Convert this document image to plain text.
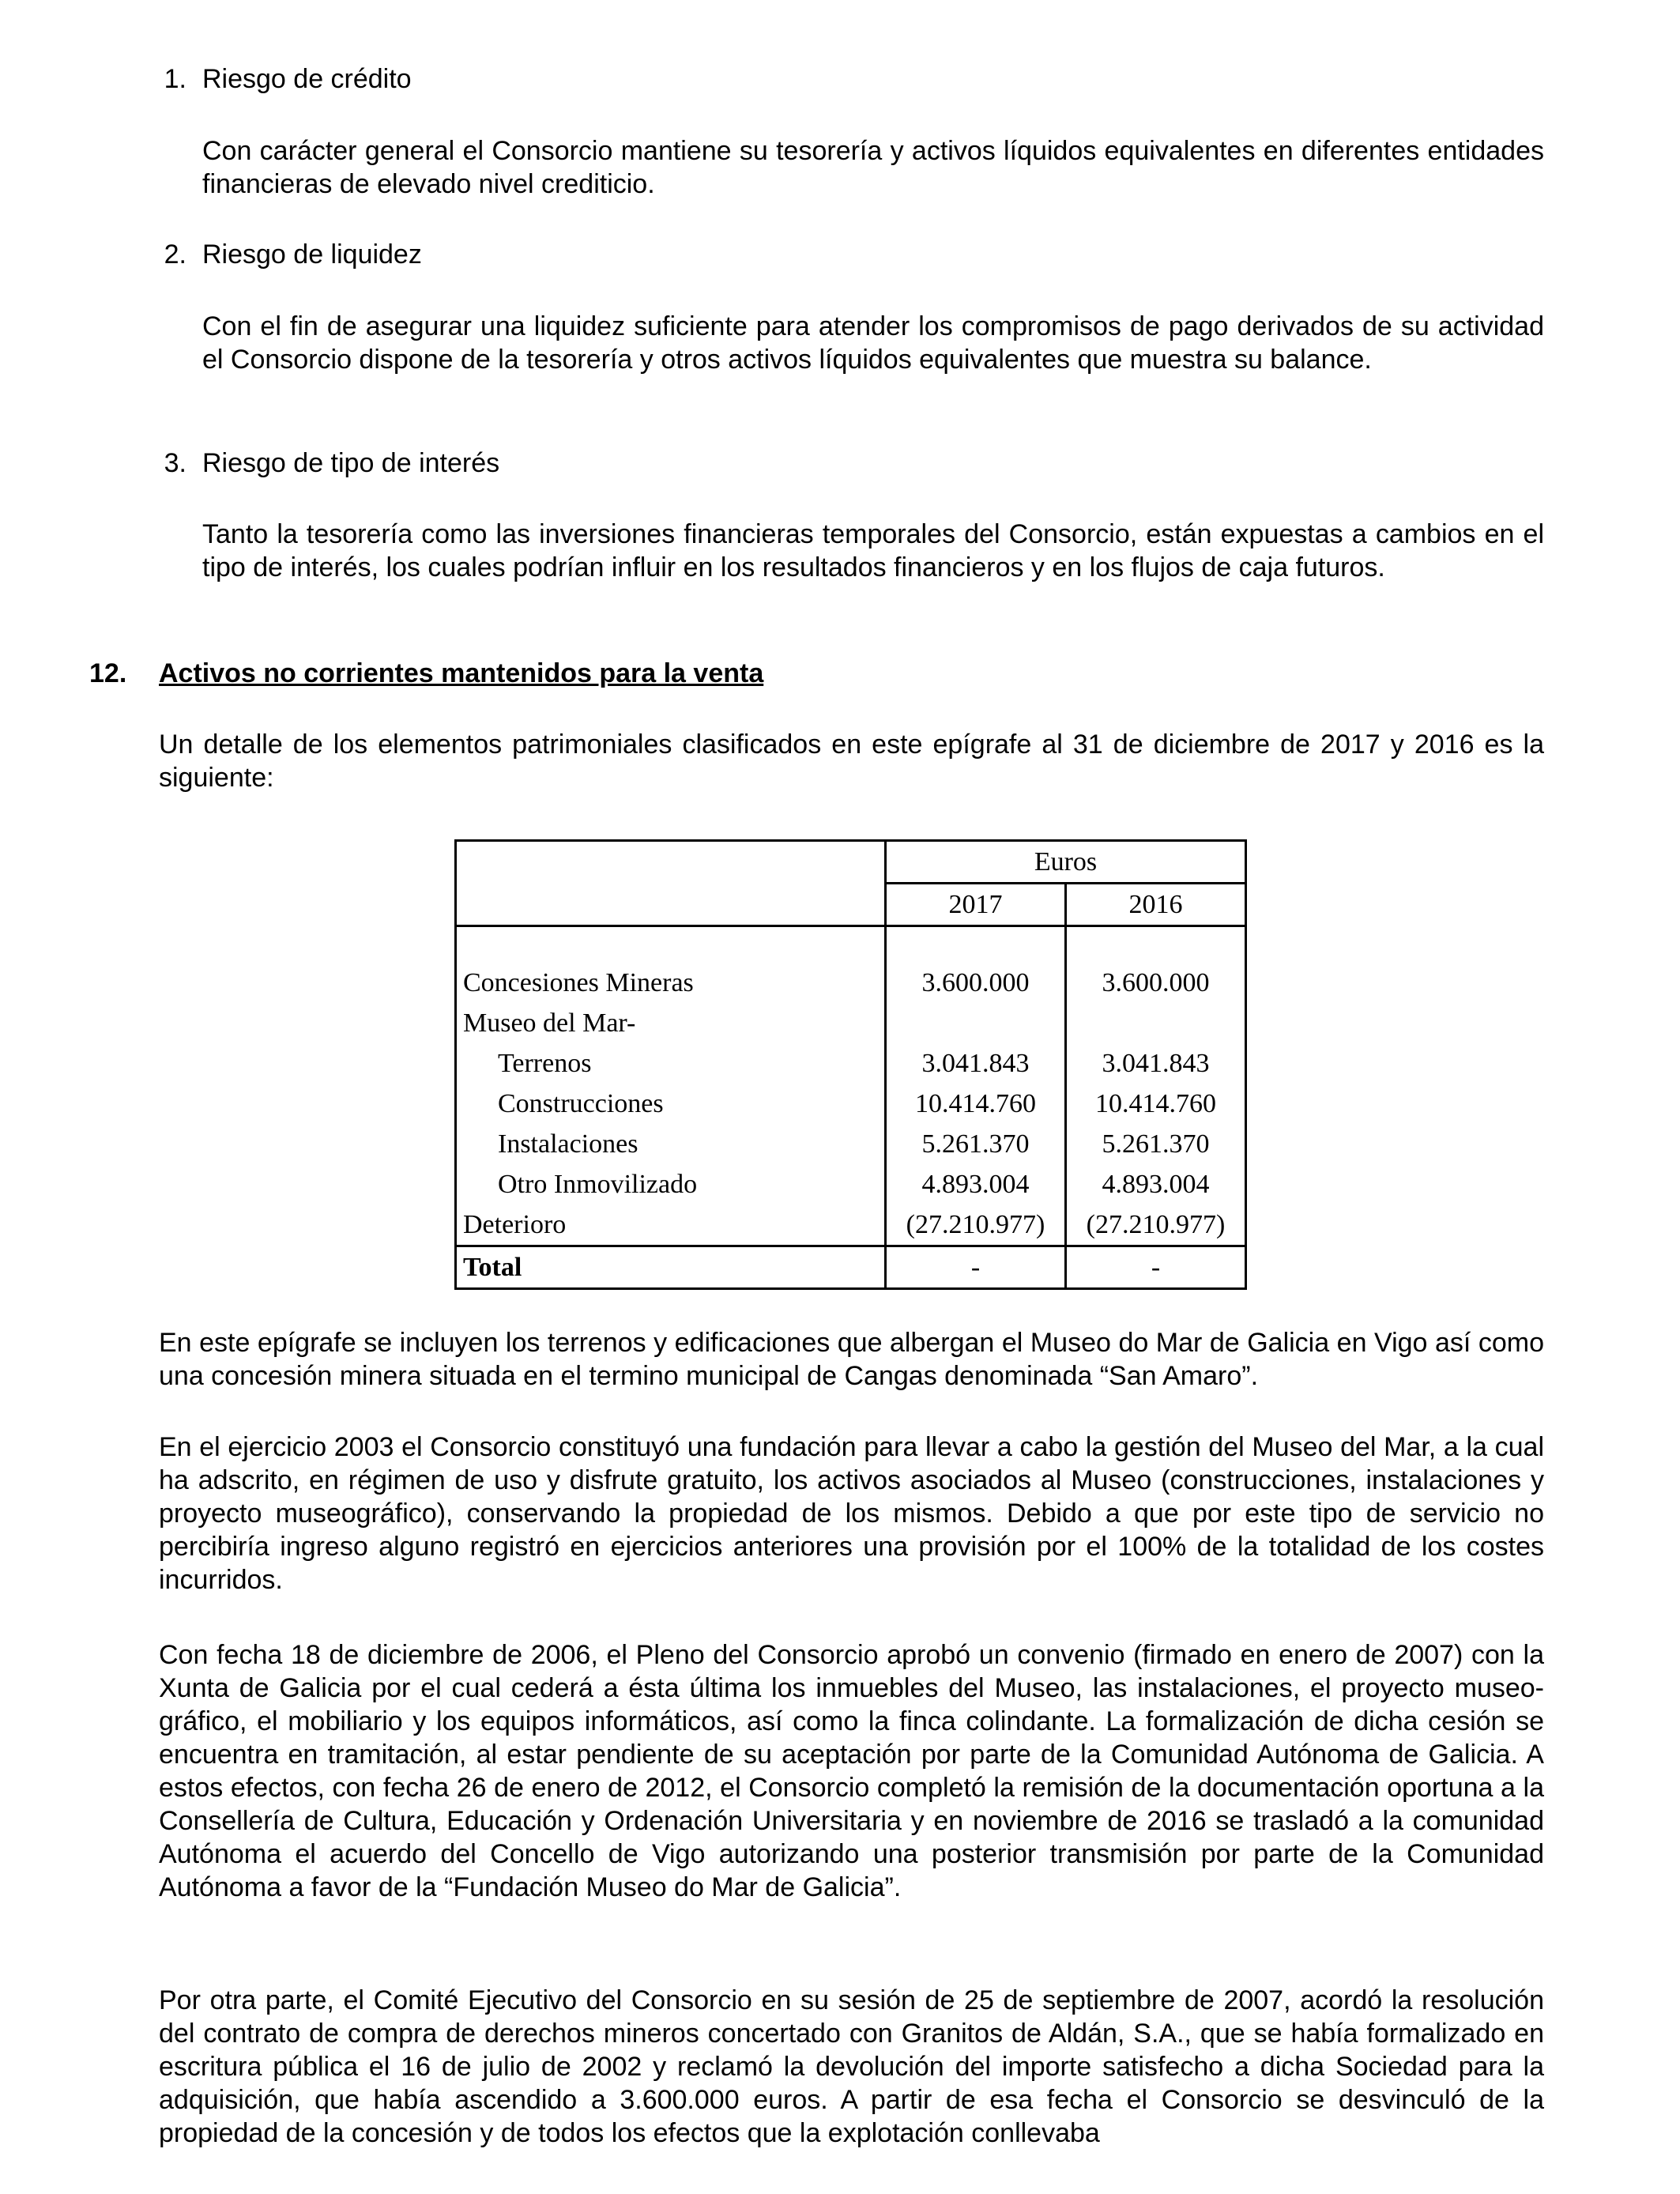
1. Riesgo de crédito
Con carácter general el Consorcio mantiene su tesorería y activos líquidos equivalentes en diferentes entidades financieras de elevado nivel crediticio.
2. Riesgo de liquidez
Con el fin de asegurar una liquidez suficiente para atender los compromisos de pago derivados de su actividad el Consorcio dispone de la tesorería y otros activos líquidos equivalentes que muestra su balance.
3. Riesgo de tipo de interés
Tanto la tesorería como las inversiones financieras temporales del Consorcio, están expuestas a cambios en el tipo de interés, los cuales podrían influir en los resultados financieros y en los flujos de caja futuros.
12. Activos no corrientes mantenidos para la venta
Un detalle de los elementos patrimoniales clasificados en este epígrafe al 31 de diciembre de 2017 y 2016 es la siguiente:
	Euros	
	2017	2016

Concesiones Mineras	3.600.000	3.600.000
Museo del Mar-		
Terrenos	3.041.843	3.041.843
Construcciones	10.414.760	10.414.760
Instalaciones	5.261.370	5.261.370
Otro Inmovilizado	4.893.004	4.893.004
Deterioro	(27.210.977)	(27.210.977)
Total	-	-
En este epígrafe se incluyen los terrenos y edificaciones que albergan el Museo do Mar de Galicia en Vigo así como una concesión minera situada en el termino municipal de Cangas denominada “San Amaro”.
En el ejercicio 2003 el Consorcio constituyó una fundación para llevar a cabo la gestión del Museo del Mar, a la cual ha adscrito, en régimen de uso y disfrute gratuito, los activos asociados al Museo (construcciones, instalaciones y proyecto museográfico), conservando la propiedad de los mismos. Debido a que por este tipo de servicio no percibiría ingreso alguno registró en ejercicios anteriores una provisión por el 100% de la totalidad de los costes incurridos.
Con fecha 18 de diciembre de 2006, el Pleno del Consorcio aprobó un convenio (firmado en enero de 2007) con la Xunta de Galicia por el cual cederá a ésta última los inmuebles del Museo, las instalaciones, el proyecto museo-gráfico, el mobiliario y los equipos informáticos, así como la finca colindante. La formalización de dicha cesión se encuentra en tramitación, al estar pendiente de su aceptación por parte de la Comunidad Autónoma de Galicia. A estos efectos, con fecha 26 de enero de 2012, el Consorcio completó la remisión de la documentación oportuna a la Consellería de Cultura, Educación y Ordenación Universitaria y en noviembre de 2016 se trasladó a la comunidad Autónoma el acuerdo del Concello de Vigo autorizando una posterior transmisión por parte de la Comunidad Autónoma a favor de la “Fundación Museo do Mar de Galicia”.
Por otra parte, el Comité Ejecutivo del Consorcio en su sesión de 25 de septiembre de 2007, acordó la resolución del contrato de compra de derechos mineros concertado con Granitos de Aldán, S.A., que se había formalizado en escritura pública el 16 de julio de 2002 y reclamó la devolución del importe satisfecho a dicha Sociedad para la adquisición, que había ascendido a 3.600.000 euros. A partir de esa fecha el Consorcio se desvinculó de la propiedad de la concesión y de todos los efectos que la explotación conllevaba
